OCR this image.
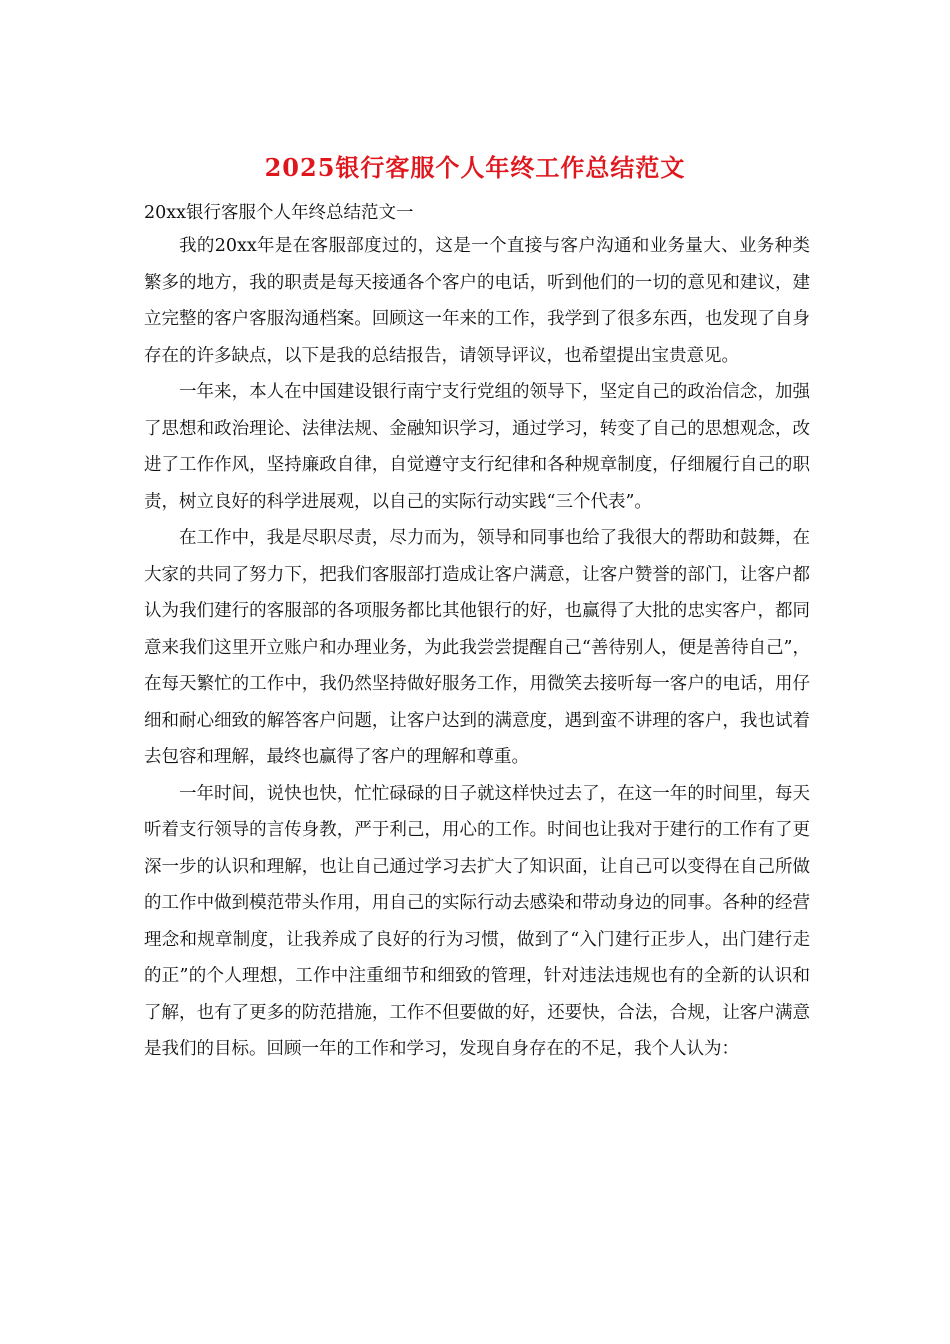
2025银行客服个人年终工作总结范文

20xx银行客服个人年终总结范文一

我的20xx年是在客服部度过的，这是一个直接与客户沟通和业务量大、业务种类繁多的地方，我的职责是每天接通各个客户的电话，听到他们的一切的意见和建议，建立完整的客户客服沟通档案。回顾这一年来的工作，我学到了很多东西，也发现了自身存在的许多缺点，以下是我的总结报告，请领导评议，也希望提出宝贵意见。

一年来，本人在中国建设银行南宁支行党组的领导下，坚定自己的政治信念，加强了思想和政治理论、法律法规、金融知识学习，通过学习，转变了自己的思想观念，改进了工作作风，坚持廉政自律，自觉遵守支行纪律和各种规章制度，仔细履行自己的职责，树立良好的科学进展观，以自己的实际行动实践“三个代表”。

在工作中，我是尽职尽责，尽力而为，领导和同事也给了我很大的帮助和鼓舞，在大家的共同了努力下，把我们客服部打造成让客户满意，让客户赞誉的部门，让客户都认为我们建行的客服部的各项服务都比其他银行的好，也赢得了大批的忠实客户，都同意来我们这里开立账户和办理业务，为此我尝尝提醒自己“善待别人，便是善待自己”，在每天繁忙的工作中，我仍然坚持做好服务工作，用微笑去接听每一客户的电话，用仔细和耐心细致的解答客户问题，让客户达到的满意度，遇到蛮不讲理的客户，我也试着去包容和理解，最终也赢得了客户的理解和尊重。

一年时间，说快也快，忙忙碌碌的日子就这样快过去了，在这一年的时间里，每天听着支行领导的言传身教，严于利己，用心的工作。时间也让我对于建行的工作有了更深一步的认识和理解，也让自己通过学习去扩大了知识面，让自己可以变得在自己所做的工作中做到模范带头作用，用自己的实际行动去感染和带动身边的同事。各种的经营理念和规章制度，让我养成了良好的行为习惯，做到了“入门建行正步人，出门建行走的正”的个人理想，工作中注重细节和细致的管理，针对违法违规也有的全新的认识和了解，也有了更多的防范措施，工作不但要做的好，还要快，合法，合规，让客户满意是我们的目标。回顾一年的工作和学习，发现自身存在的不足，我个人认为：
